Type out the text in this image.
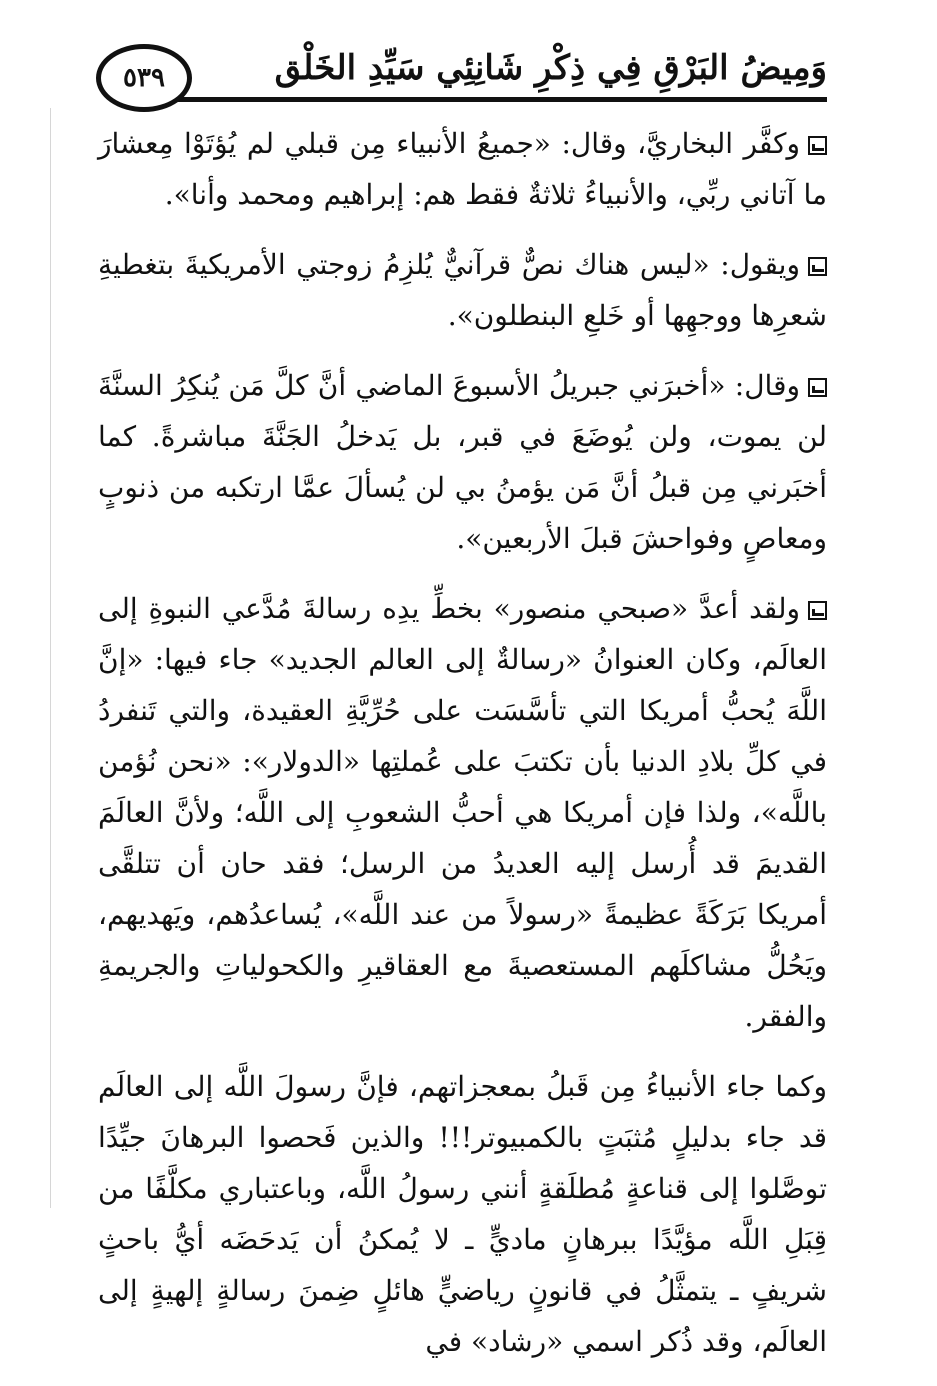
وَمِيضُ البَرْقِ فِي ذِكْرِ شَانِئِي سَيِّدِ الخَلْق
٥٣٩

وكفَّر البخاريَّ، وقال: «جميعُ الأنبياء مِن قبلي لم يُؤتَوْا مِعشارَ ما آتاني ربِّي، والأنبياءُ ثلاثةٌ فقط هم: إبراهيم ومحمد وأنا».

ويقول: «ليس هناك نصٌّ قرآنيٌّ يُلزِمُ زوجتي الأمريكيةَ بتغطيةِ شعرِها ووجهِها أو خَلعِ البنطلون».

وقال: «أخبرَني جبريلُ الأسبوعَ الماضي أنَّ كلَّ مَن يُنكِرُ السنَّةَ لن يموت، ولن يُوضَعَ في قبر، بل يَدخلُ الجَنَّةَ مباشرةً. كما أخبَرني مِن قبلُ أنَّ مَن يؤمنُ بي لن يُسألَ عمَّا ارتكبه من ذنوبٍ ومعاصٍ وفواحشَ قبلَ الأربعين».

ولقد أعدَّ «صبحي منصور» بخطِّ يدِه رسالةَ مُدَّعي النبوةِ إلى العالَم، وكان العنوانُ «رسالةٌ إلى العالم الجديد» جاء فيها: «إنَّ اللَّهَ يُحبُّ أمريكا التي تأسَّسَت على حُرِّيَّةِ العقيدة، والتي تَنفردُ في كلِّ بلادِ الدنيا بأن تكتبَ على عُملتِها «الدولار»: «نحن نُؤمن باللَّه»، ولذا فإن أمريكا هي أحبُّ الشعوبِ إلى اللَّه؛ ولأنَّ العالَمَ القديمَ قد أُرسل إليه العديدُ من الرسل؛ فقد حان أن تتلقَّى أمريكا بَرَكَةً عظيمةً «رسولاً من عند اللَّه»، يُساعدُهم، ويَهديهم، ويَحُلُّ مشاكلَهم المستعصيةَ مع العقاقيرِ والكحولياتِ والجريمةِ والفقر.

وكما جاء الأنبياءُ مِن قَبلُ بمعجزاتهم، فإنَّ رسولَ اللَّه إلى العالَم قد جاء بدليلٍ مُثبَتٍ بالكمبيوتر!!! والذين فَحصوا البرهانَ جيِّدًا توصَّلوا إلى قناعةٍ مُطلَقةٍ أنني رسولُ اللَّه، وباعتباري مكلَّفًا من قِبَلِ اللَّه مؤيَّدًا ببرهانٍ ماديٍّ ـ لا يُمكنُ أن يَدحَضَه أيُّ باحثٍ شريفٍ ـ يتمثَّلُ في قانونٍ رياضيٍّ هائلٍ ضِمنَ رسالةٍ إلهيةٍ إلى العالَم، وقد ذُكر اسمي «رشاد» في
